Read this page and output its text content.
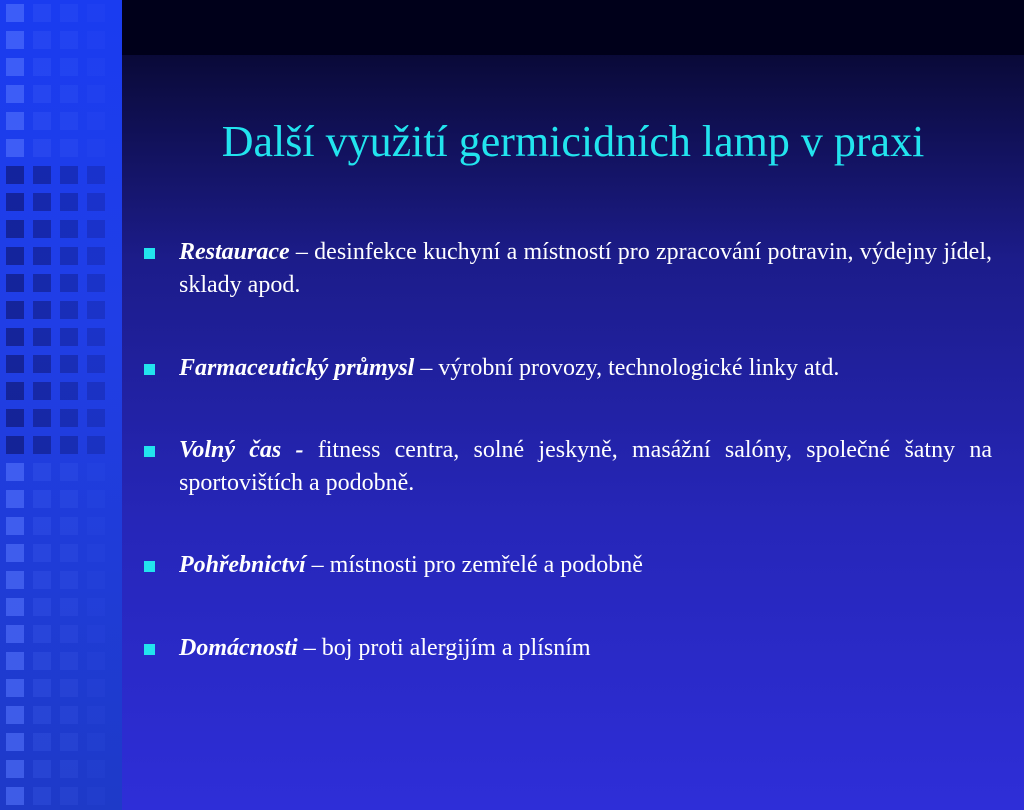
Další využití germicidních lamp v praxi
Restaurace – desinfekce kuchyní a místností pro zpracování potravin, výdejny jídel, sklady apod.
Farmaceutický průmysl – výrobní provozy, technologické linky atd.
Volný čas - fitness centra, solné jeskyně, masážní salóny, společné šatny na sportovištích a podobně.
Pohřebnictví – místnosti pro zemřelé a podobně
Domácnosti – boj proti alergijím a plísním
